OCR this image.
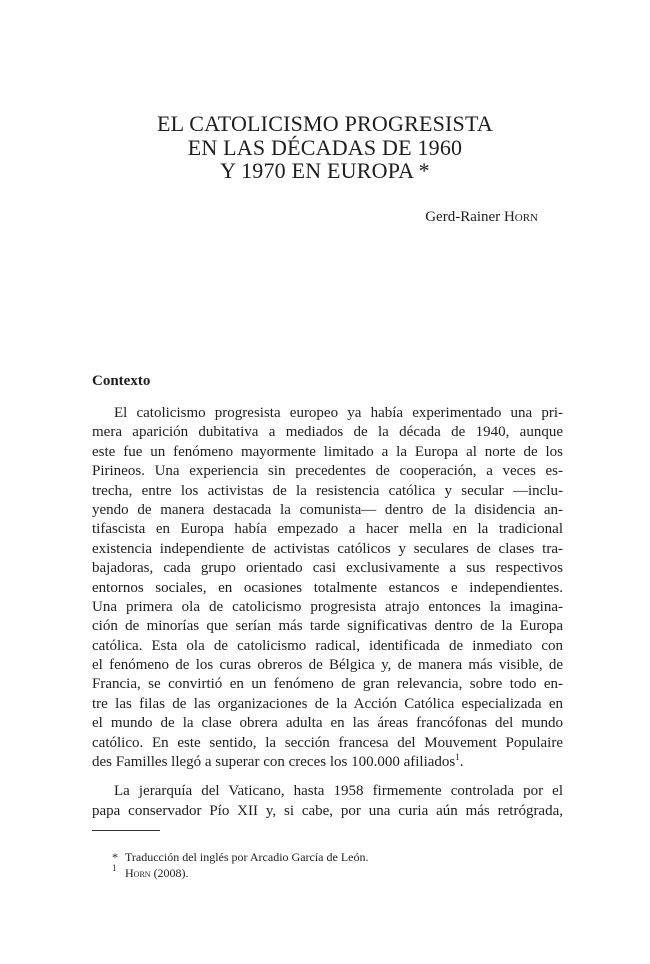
EL CATOLICISMO PROGRESISTA
EN LAS DÉCADAS DE 1960
Y 1970 EN EUROPA *
Gerd-Rainer Horn
Contexto
El catolicismo progresista europeo ya había experimentado una pri-
mera aparición dubitativa a mediados de la década de 1940, aunque
este fue un fenómeno mayormente limitado a la Europa al norte de los
Pirineos. Una experiencia sin precedentes de cooperación, a veces es-
trecha, entre los activistas de la resistencia católica y secular —inclu-
yendo de manera destacada la comunista— dentro de la disidencia an-
tifascista en Europa había empezado a hacer mella en la tradicional
existencia independiente de activistas católicos y seculares de clases tra-
bajadoras, cada grupo orientado casi exclusivamente a sus respectivos
entornos sociales, en ocasiones totalmente estancos e independientes.
Una primera ola de catolicismo progresista atrajo entonces la imagina-
ción de minorías que serían más tarde significativas dentro de la Europa
católica. Esta ola de catolicismo radical, identificada de inmediato con
el fenómeno de los curas obreros de Bélgica y, de manera más visible, de
Francia, se convirtió en un fenómeno de gran relevancia, sobre todo en-
tre las filas de las organizaciones de la Acción Católica especializada en
el mundo de la clase obrera adulta en las áreas francófonas del mundo
católico. En este sentido, la sección francesa del Mouvement Populaire
des Familles llegó a superar con creces los 100.000 afiliados$^1$.
La jerarquía del Vaticano, hasta 1958 firmemente controlada por el
papa conservador Pío XII y, si cabe, por una curia aún más retrógrada,
* Traducción del inglés por Arcadio García de León.
$^1$ Horn (2008).
